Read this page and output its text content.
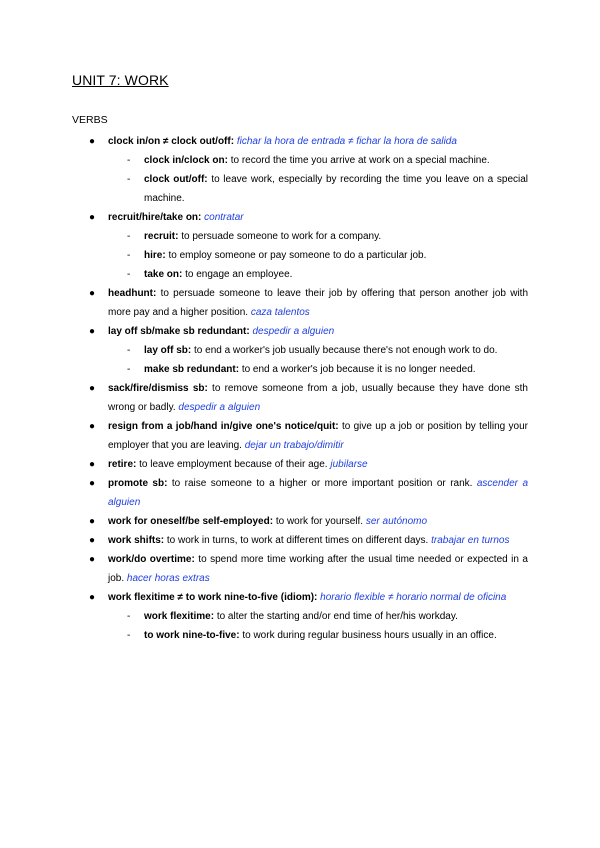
UNIT 7: WORK
VERBS
● clock in/on ≠ clock out/off: fichar la hora de entrada ≠ fichar la hora de salida
- clock in/clock on: to record the time you arrive at work on a special machine.
- clock out/off: to leave work, especially by recording the time you leave on a special machine.
● recruit/hire/take on: contratar
- recruit: to persuade someone to work for a company.
- hire: to employ someone or pay someone to do a particular job.
- take on: to engage an employee.
● headhunt: to persuade someone to leave their job by offering that person another job with more pay and a higher position. caza talentos
● lay off sb/make sb redundant: despedir a alguien
- lay off sb: to end a worker's job usually because there's not enough work to do.
- make sb redundant: to end a worker's job because it is no longer needed.
● sack/fire/dismiss sb: to remove someone from a job, usually because they have done sth wrong or badly. despedir a alguien
● resign from a job/hand in/give one's notice/quit: to give up a job or position by telling your employer that you are leaving. dejar un trabajo/dimitir
● retire: to leave employment because of their age. jubilarse
● promote sb: to raise someone to a higher or more important position or rank. ascender a alguien
● work for oneself/be self-employed: to work for yourself. ser autónomo
● work shifts: to work in turns, to work at different times on different days. trabajar en turnos
● work/do overtime: to spend more time working after the usual time needed or expected in a job. hacer horas extras
● work flexitime ≠ to work nine-to-five (idiom): horario flexible ≠ horario normal de oficina
- work flexitime: to alter the starting and/or end time of her/his workday.
- to work nine-to-five: to work during regular business hours usually in an office.
